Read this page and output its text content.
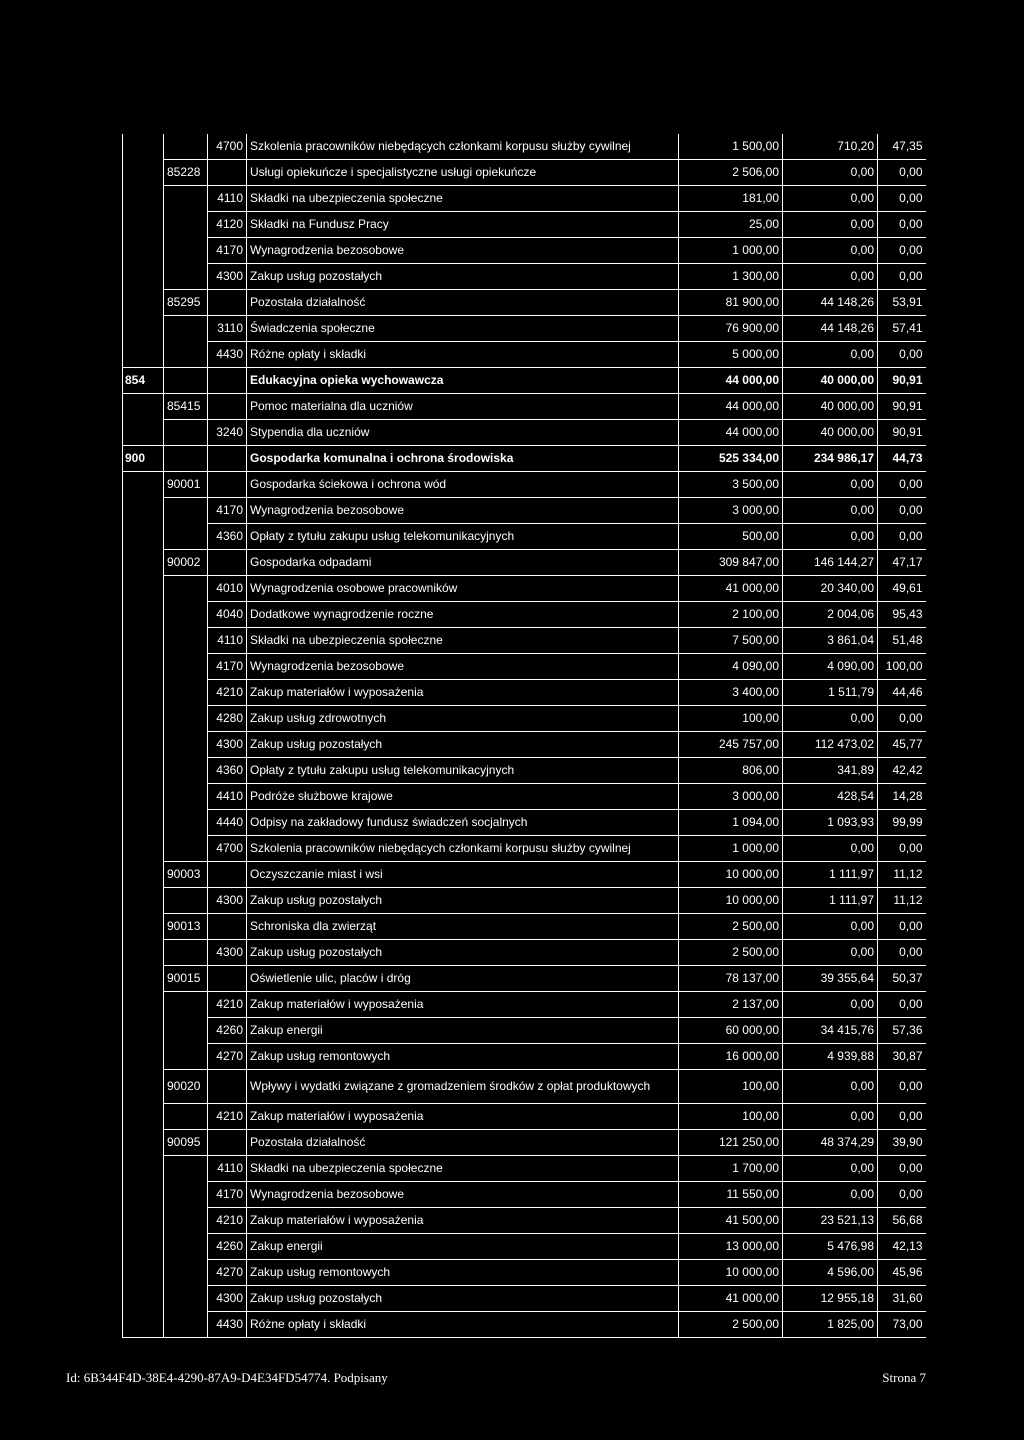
		4700	Szkolenia pracowników niebędących członkami korpusu służby cywilnej	1 500,00	710,20	47,35
	85228		Usługi opiekuńcze i specjalistyczne usługi opiekuńcze	2 506,00	0,00	0,00
		4110	Składki na ubezpieczenia społeczne	181,00	0,00	0,00
		4120	Składki na Fundusz Pracy	25,00	0,00	0,00
		4170	Wynagrodzenia bezosobowe	1 000,00	0,00	0,00
		4300	Zakup usług pozostałych	1 300,00	0,00	0,00
	85295		Pozostała działalność	81 900,00	44 148,26	53,91
		3110	Świadczenia społeczne	76 900,00	44 148,26	57,41
		4430	Różne opłaty i składki	5 000,00	0,00	0,00
854			Edukacyjna opieka wychowawcza	44 000,00	40 000,00	90,91
	85415		Pomoc materialna dla uczniów	44 000,00	40 000,00	90,91
		3240	Stypendia dla uczniów	44 000,00	40 000,00	90,91
900			Gospodarka komunalna i ochrona środowiska	525 334,00	234 986,17	44,73
	90001		Gospodarka ściekowa i ochrona wód	3 500,00	0,00	0,00
		4170	Wynagrodzenia bezosobowe	3 000,00	0,00	0,00
		4360	Opłaty z tytułu zakupu usług telekomunikacyjnych	500,00	0,00	0,00
	90002		Gospodarka odpadami	309 847,00	146 144,27	47,17
		4010	Wynagrodzenia osobowe pracowników	41 000,00	20 340,00	49,61
		4040	Dodatkowe wynagrodzenie roczne	2 100,00	2 004,06	95,43
		4110	Składki na ubezpieczenia społeczne	7 500,00	3 861,04	51,48
		4170	Wynagrodzenia bezosobowe	4 090,00	4 090,00	100,00
		4210	Zakup materiałów i wyposażenia	3 400,00	1 511,79	44,46
		4280	Zakup usług zdrowotnych	100,00	0,00	0,00
		4300	Zakup usług pozostałych	245 757,00	112 473,02	45,77
		4360	Opłaty z tytułu zakupu usług telekomunikacyjnych	806,00	341,89	42,42
		4410	Podróże służbowe krajowe	3 000,00	428,54	14,28
		4440	Odpisy na zakładowy fundusz świadczeń socjalnych	1 094,00	1 093,93	99,99
		4700	Szkolenia pracowników niebędących członkami korpusu służby cywilnej	1 000,00	0,00	0,00
	90003		Oczyszczanie miast i wsi	10 000,00	1 111,97	11,12
		4300	Zakup usług pozostałych	10 000,00	1 111,97	11,12
	90013		Schroniska dla zwierząt	2 500,00	0,00	0,00
		4300	Zakup usług pozostałych	2 500,00	0,00	0,00
	90015		Oświetlenie ulic, placów i dróg	78 137,00	39 355,64	50,37
		4210	Zakup materiałów i wyposażenia	2 137,00	0,00	0,00
		4260	Zakup energii	60 000,00	34 415,76	57,36
		4270	Zakup usług remontowych	16 000,00	4 939,88	30,87
	90020		Wpływy i wydatki związane z gromadzeniem środków z opłat produktowych	100,00	0,00	0,00
		4210	Zakup materiałów i wyposażenia	100,00	0,00	0,00
	90095		Pozostała działalność	121 250,00	48 374,29	39,90
		4110	Składki na ubezpieczenia społeczne	1 700,00	0,00	0,00
		4170	Wynagrodzenia bezosobowe	11 550,00	0,00	0,00
		4210	Zakup materiałów i wyposażenia	41 500,00	23 521,13	56,68
		4260	Zakup energii	13 000,00	5 476,98	42,13
		4270	Zakup usług remontowych	10 000,00	4 596,00	45,96
		4300	Zakup usług pozostałych	41 000,00	12 955,18	31,60
		4430	Różne opłaty i składki	2 500,00	1 825,00	73,00
Id: 6B344F4D-38E4-4290-87A9-D4E34FD54774. Podpisany	Strona 7
